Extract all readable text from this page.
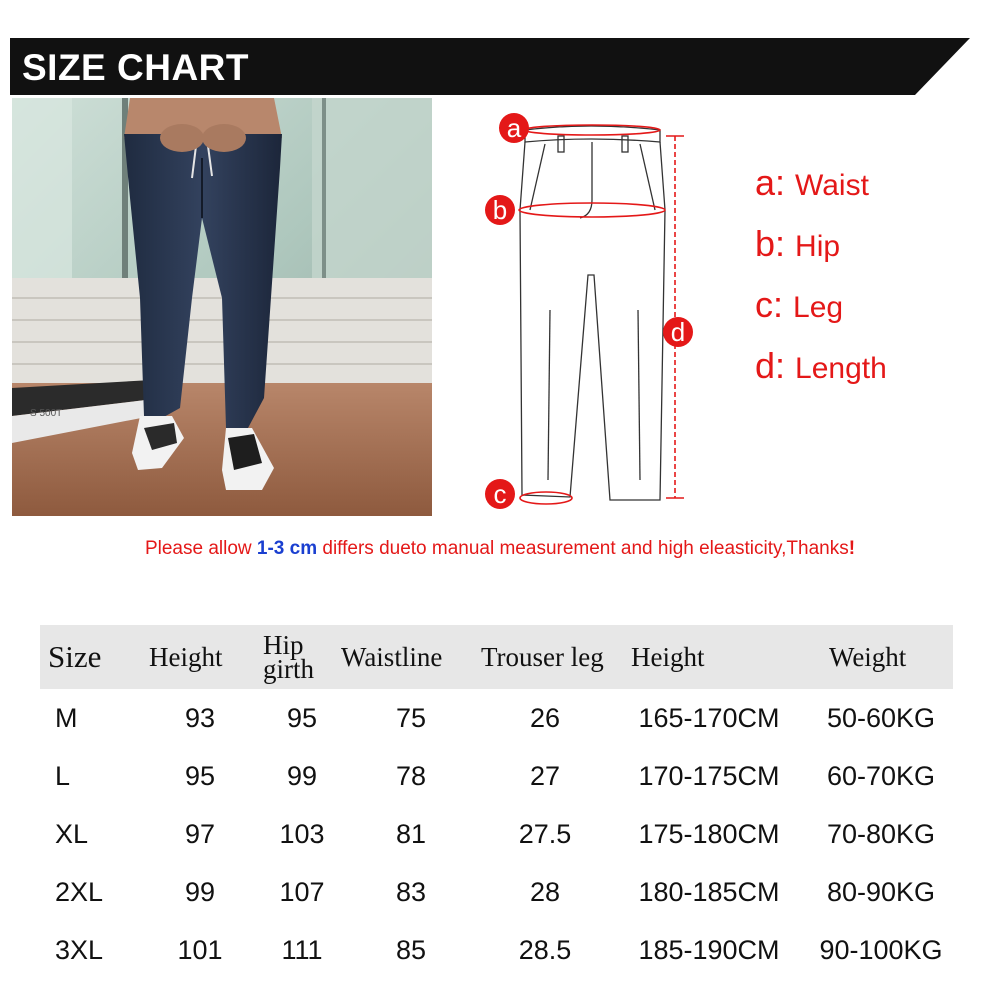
SIZE CHART
S 500T
a
b
d
c
a: Waist
b: Hip
c: Leg
d: Length
Please allow 1-3 cm differs dueto manual measurement and high eleasticity,Thanks!
Size	Height	Hip girth	Waistline	Trouser leg	Height	Weight
M	93	95	75	26	165-170CM	50-60KG
L	95	99	78	27	170-175CM	60-70KG
XL	97	103	81	27.5	175-180CM	70-80KG
2XL	99	107	83	28	180-185CM	80-90KG
3XL	101	111	85	28.5	185-190CM	90-100KG
